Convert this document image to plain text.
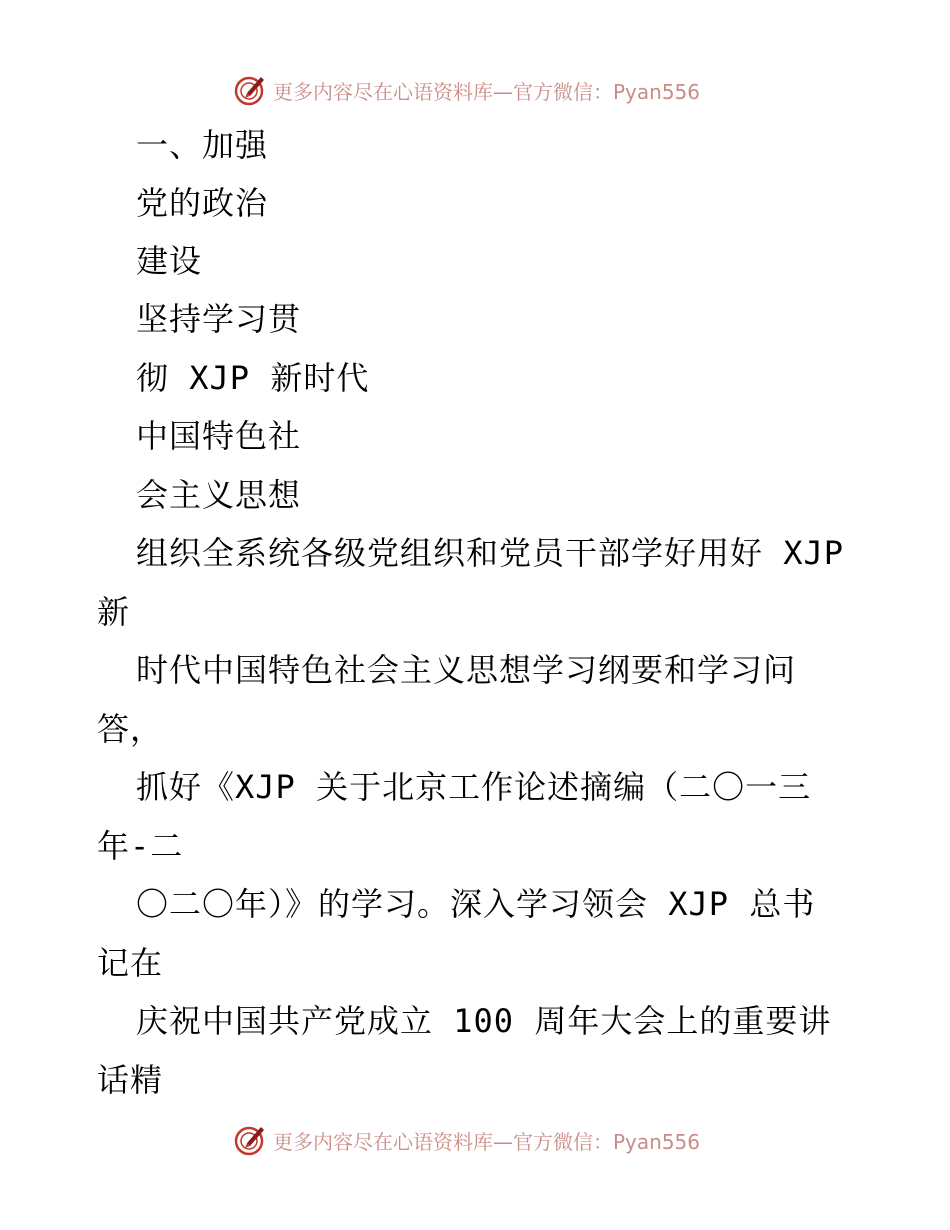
更多内容尽在心语资料库—官方微信：Pyan556
一、加强
党的政治
建设
坚持学习贯
彻 XJP 新时代
中国特色社
会主义思想
组织全系统各级党组织和党员干部学好用好 XJP
新
时代中国特色社会主义思想学习纲要和学习问
答，
抓好《XJP 关于北京工作论述摘编（二〇一三
年-二
〇二〇年）》的学习。深入学习领会 XJP 总书
记在
庆祝中国共产党成立 100 周年大会上的重要讲
话精
更多内容尽在心语资料库—官方微信：Pyan556
